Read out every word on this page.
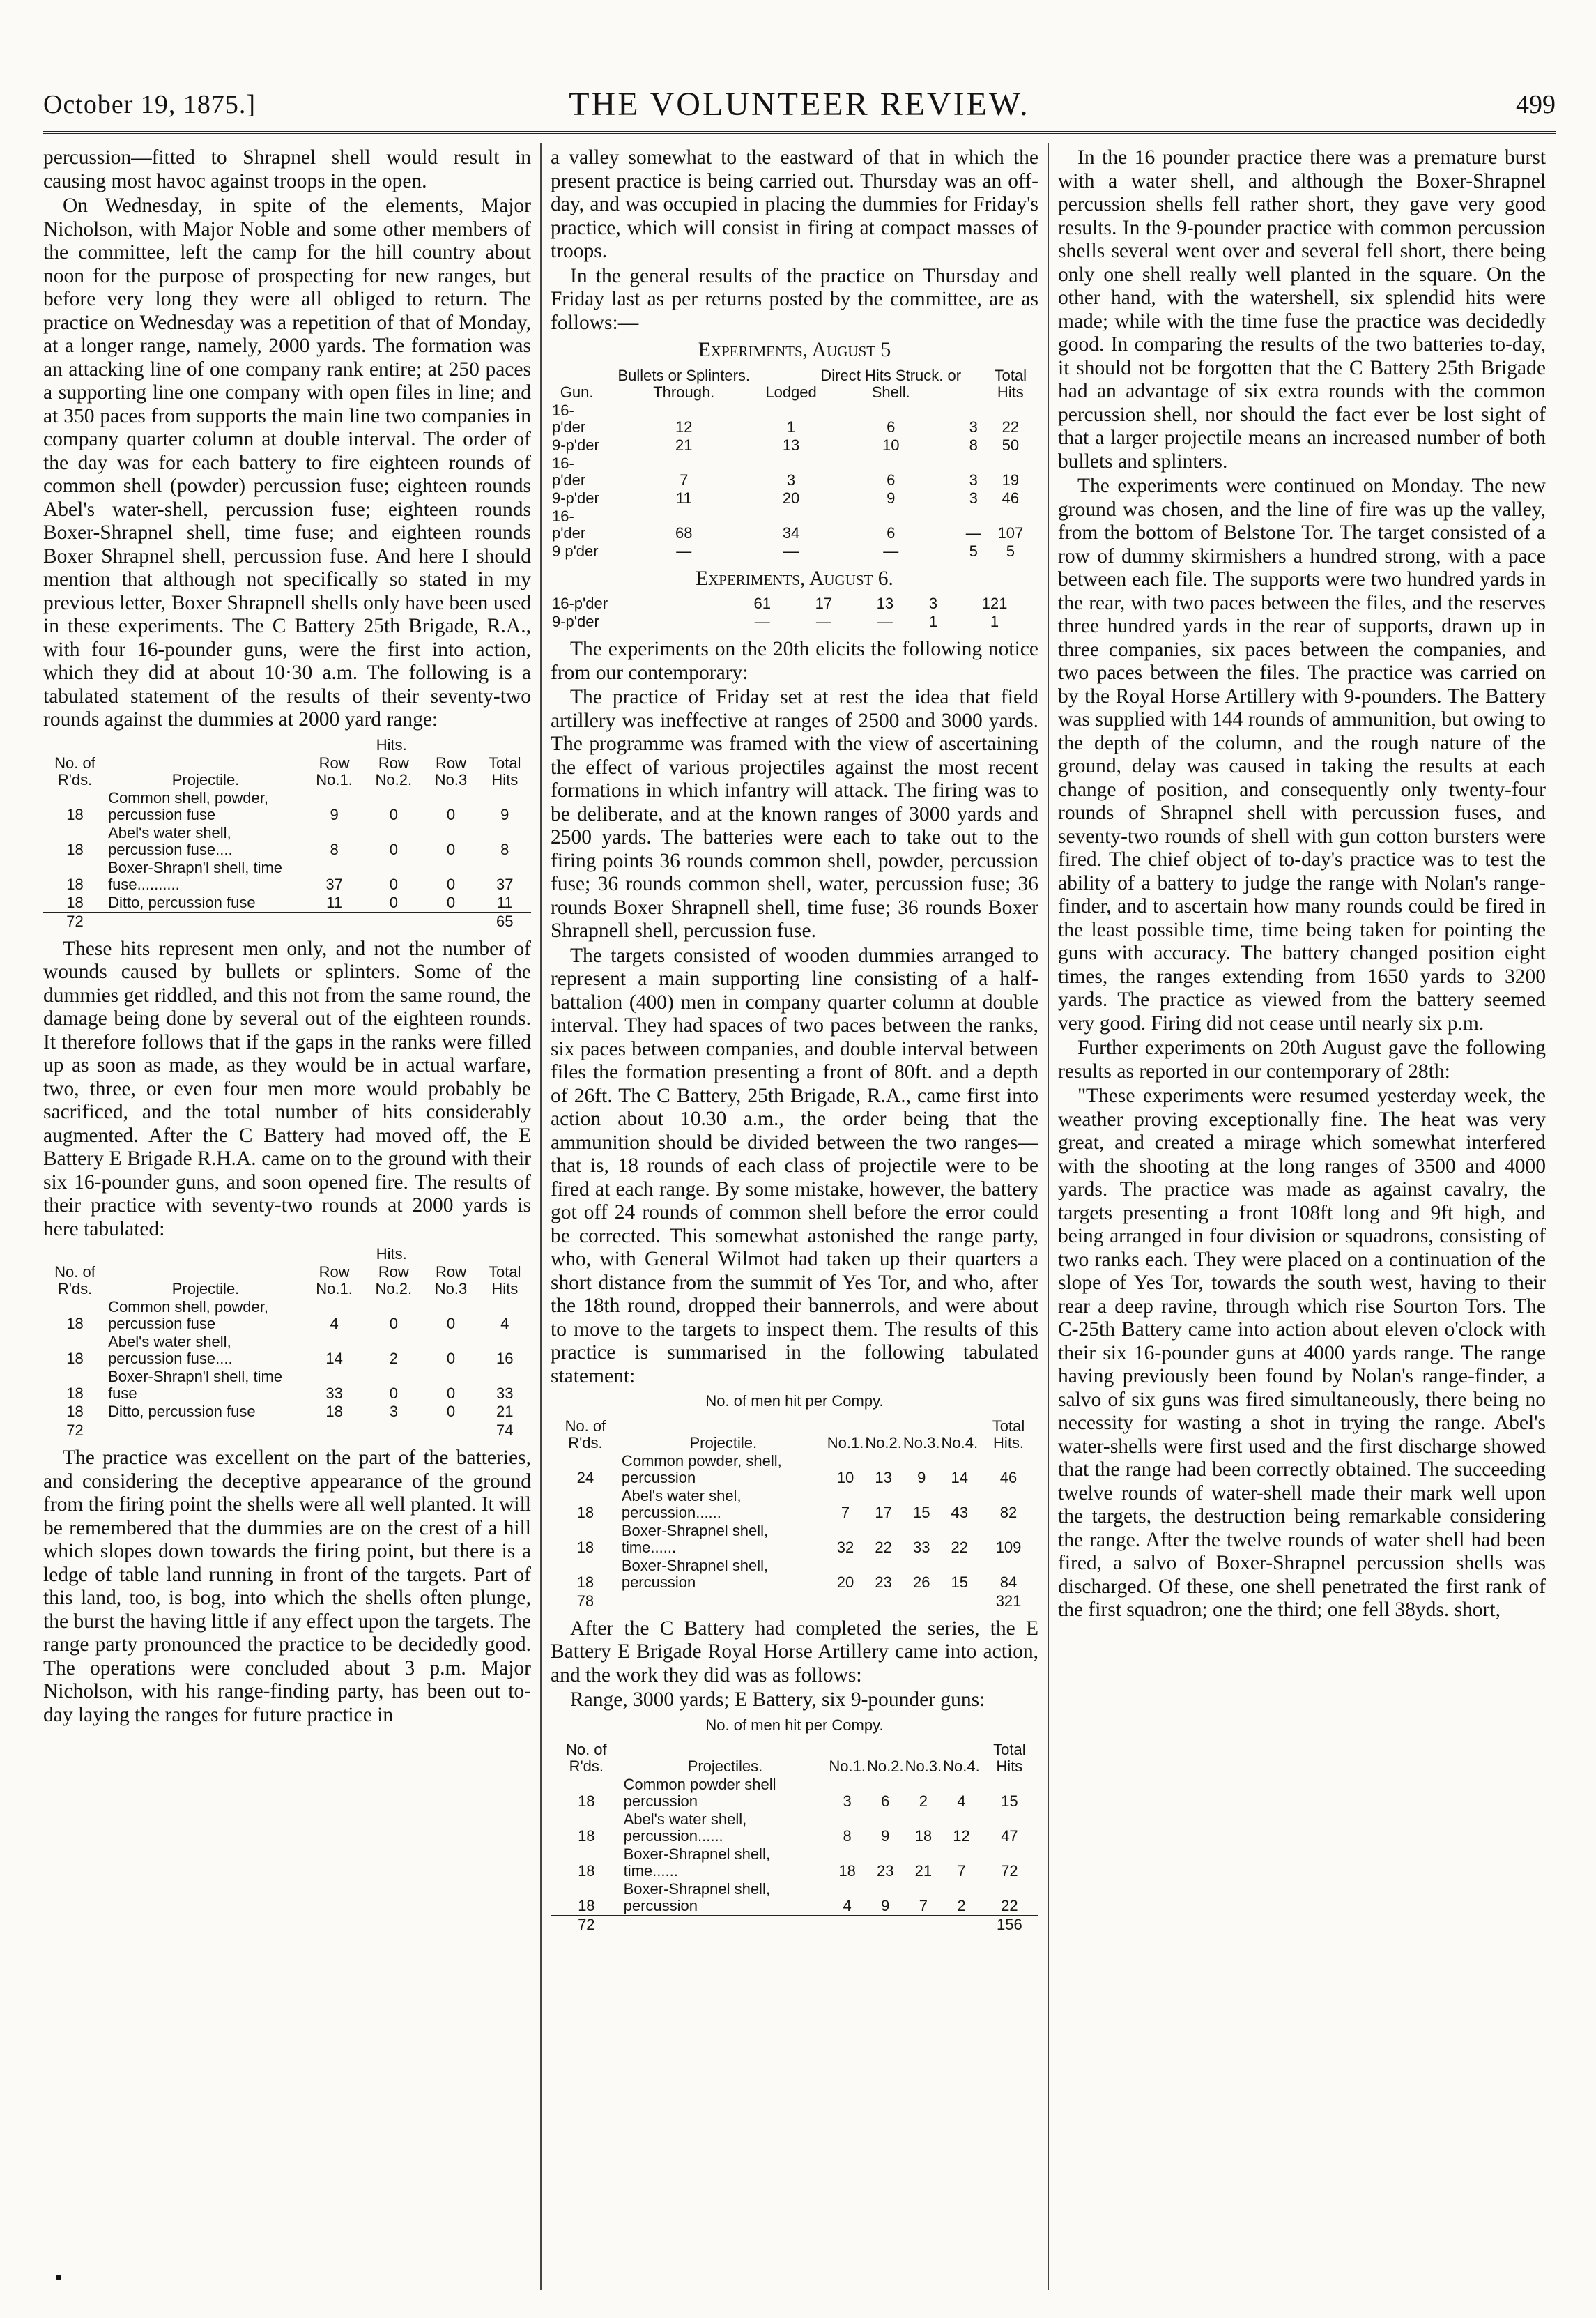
October 19, 1875.]	THE VOLUNTEER REVIEW.	499

percussion—fitted to Shrapnel shell would result in causing most havoc against troops in the open.

On Wednesday, in spite of the elements, Major Nicholson, with Major Noble and some other members of the committee, left the camp for the hill country about noon for the purpose of prospecting for new ranges, but before very long they were all obliged to return. The practice on Wednesday was a repetition of that of Monday, at a longer range, namely, 2000 yards. The formation was an attacking line of one company rank entire; at 250 paces a supporting line one company with open files in line; and at 350 paces from supports the main line two companies in company quarter column at double interval. The order of the day was for each battery to fire eighteen rounds of common shell (powder) percussion fuse; eighteen rounds Abel's water-shell, percussion fuse; eighteen rounds Boxer-Shrapnel shell, time fuse; and eighteen rounds Boxer Shrapnel shell, percussion fuse. And here I should mention that although not specifically so stated in my previous letter, Boxer Shrapnell shells only have been used in these experiments. The C Battery 25th Brigade, R.A., with four 16-pounder guns, were the first into action, which they did at about 10·30 a.m. The following is a tabulated statement of the results of their seventy-two rounds against the dummies at 2000 yard range:

		Hits.			
No. of R'ds.	Projectile.	Row No.1.	Row No.2.	Row No.3	Total Hits
18	Common shell, powder, percussion fuse	9	0	0	9
18	Abel's water shell, percussion fuse....	8	0	0	8
18	Boxer-Shrapn'l shell, time fuse..........	37	0	0	37
18	Ditto, percussion fuse	11	0	0	11
72					65

These hits represent men only, and not the number of wounds caused by bullets or splinters. Some of the dummies get riddled, and this not from the same round, the damage being done by several out of the eighteen rounds. It therefore follows that if the gaps in the ranks were filled up as soon as made, as they would be in actual warfare, two, three, or even four men more would probably be sacrificed, and the total number of hits considerably augmented. After the C Battery had moved off, the E Battery E Brigade R.H.A. came on to the ground with their six 16-pounder guns, and soon opened fire. The results of their practice with seventy-two rounds at 2000 yards is here tabulated:

		Hits.			
No. of R'ds.	Projectile.	Row No.1.	Row No.2.	Row No.3	Total Hits
18	Common shell, powder, percussion fuse	4	0	0	4
18	Abel's water shell, percussion fuse....	14	2	0	16
18	Boxer-Shrapn'l shell, time fuse	33	0	0	33
18	Ditto, percussion fuse	18	3	0	21
72					74

The practice was excellent on the part of the batteries, and considering the deceptive appearance of the ground from the firing point the shells were all well planted. It will be remembered that the dummies are on the crest of a hill which slopes down towards the firing point, but there is a ledge of table land running in front of the targets. Part of this land, too, is bog, into which the shells often plunge, the burst the having little if any effect upon the targets. The range party pronounced the practice to be decidedly good. The operations were concluded about 3 p.m. Major Nicholson, with his range-finding party, has been out to-day laying the ranges for future practice in

a valley somewhat to the eastward of that in which the present practice is being carried out. Thursday was an off-day, and was occupied in placing the dummies for Friday's practice, which will consist in firing at compact masses of troops.

In the general results of the practice on Thursday and Friday last as per returns posted by the committee, are as follows:—

Experiments, August 5

Gun.	Bullets or Splinters. Through.	Lodged	Direct Hits Struck. or Shell.		Total Hits
16-p'der	12	1	6	3	22
9-p'der	21	13	10	8	50
16-p'der	7	3	6	3	19
9-p'der	11	20	9	3	46
16-p'der	68	34	6	—	107
9 p'der	—	—	—	5	5

Experiments, August 6.

16-p'der	61	17	13	3	121
9-p'der	—	—	—	1	1

The experiments on the 20th elicits the following notice from our contemporary:

The practice of Friday set at rest the idea that field artillery was ineffective at ranges of 2500 and 3000 yards. The programme was framed with the view of ascertaining the effect of various projectiles against the most recent formations in which infantry will attack. The firing was to be deliberate, and at the known ranges of 3000 yards and 2500 yards. The batteries were each to take out to the firing points 36 rounds common shell, powder, percussion fuse; 36 rounds common shell, water, percussion fuse; 36 rounds Boxer Shrapnell shell, time fuse; 36 rounds Boxer Shrapnell shell, percussion fuse.

The targets consisted of wooden dummies arranged to represent a main supporting line consisting of a half-battalion (400) men in company quarter column at double interval. They had spaces of two paces between the ranks, six paces between companies, and double interval between files the formation presenting a front of 80ft. and a depth of 26ft. The C Battery, 25th Brigade, R.A., came first into action about 10.30 a.m., the order being that the ammunition should be divided between the two ranges—that is, 18 rounds of each class of projectile were to be fired at each range. By some mistake, however, the battery got off 24 rounds of common shell before the error could be corrected. This somewhat astonished the range party, who, with General Wilmot had taken up their quarters a short distance from the summit of Yes Tor, and who, after the 18th round, dropped their bannerrols, and were about to move to the targets to inspect them. The results of this practice is summarised in the following tabulated statement:

No. of men hit per Compy.
No. of R'ds.	Projectile.	No.1.	No.2.	No.3.	No.4.	Total Hits.
24	Common powder, shell, percussion	10	13	9	14	46
18	Abel's water shel, percussion......	7	17	15	43	82
18	Boxer-Shrapnel shell, time......	32	22	33	22	109
18	Boxer-Shrapnel shell, percussion	20	23	26	15	84
78						321

After the C Battery had completed the series, the E Battery E Brigade Royal Horse Artillery came into action, and the work they did was as follows:

Range, 3000 yards; E Battery, six 9-pounder guns:

No. of men hit per Compy.
No. of R'ds.	Projectiles.	No.1.	No.2.	No.3.	No.4.	Total Hits
18	Common powder shell percussion	3	6	2	4	15
18	Abel's water shell, percussion......	8	9	18	12	47
18	Boxer-Shrapnel shell, time......	18	23	21	7	72
18	Boxer-Shrapnel shell, percussion	4	9	7	2	22
72						156

In the 16 pounder practice there was a premature burst with a water shell, and although the Boxer-Shrapnel percussion shells fell rather short, they gave very good results. In the 9-pounder practice with common percussion shells several went over and several fell short, there being only one shell really well planted in the square. On the other hand, with the watershell, six splendid hits were made; while with the time fuse the practice was decidedly good. In comparing the results of the two batteries to-day, it should not be forgotten that the C Battery 25th Brigade had an advantage of six extra rounds with the common percussion shell, nor should the fact ever be lost sight of that a larger projectile means an increased number of both bullets and splinters.

The experiments were continued on Monday. The new ground was chosen, and the line of fire was up the valley, from the bottom of Belstone Tor. The target consisted of a row of dummy skirmishers a hundred strong, with a pace between each file. The supports were two hundred yards in the rear, with two paces between the files, and the reserves three hundred yards in the rear of supports, drawn up in three companies, six paces between the companies, and two paces between the files. The practice was carried on by the Royal Horse Artillery with 9-pounders. The Battery was supplied with 144 rounds of ammunition, but owing to the depth of the column, and the rough nature of the ground, delay was caused in taking the results at each change of position, and consequently only twenty-four rounds of Shrapnel shell with percussion fuses, and seventy-two rounds of shell with gun cotton bursters were fired. The chief object of to-day's practice was to test the ability of a battery to judge the range with Nolan's range-finder, and to ascertain how many rounds could be fired in the least possible time, time being taken for pointing the guns with accuracy. The battery changed position eight times, the ranges extending from 1650 yards to 3200 yards. The practice as viewed from the battery seemed very good. Firing did not cease until nearly six p.m.

Further experiments on 20th August gave the following results as reported in our contemporary of 28th:

"These experiments were resumed yesterday week, the weather proving exceptionally fine. The heat was very great, and created a mirage which somewhat interfered with the shooting at the long ranges of 3500 and 4000 yards. The practice was made as against cavalry, the targets presenting a front 108ft long and 9ft high, and being arranged in four division or squadrons, consisting of two ranks each. They were placed on a continuation of the slope of Yes Tor, towards the south west, having to their rear a deep ravine, through which rise Sourton Tors. The C-25th Battery came into action about eleven o'clock with their six 16-pounder guns at 4000 yards range. The range having previously been found by Nolan's range-finder, a salvo of six guns was fired simultaneously, there being no necessity for wasting a shot in trying the range. Abel's water-shells were first used and the first discharge showed that the range had been correctly obtained. The succeeding twelve rounds of water-shell made their mark well upon the targets, the destruction being remarkable considering the range. After the twelve rounds of water shell had been fired, a salvo of Boxer-Shrapnel percussion shells was discharged. Of these, one shell penetrated the first rank of the first squadron; one the third; one fell 38yds. short,
